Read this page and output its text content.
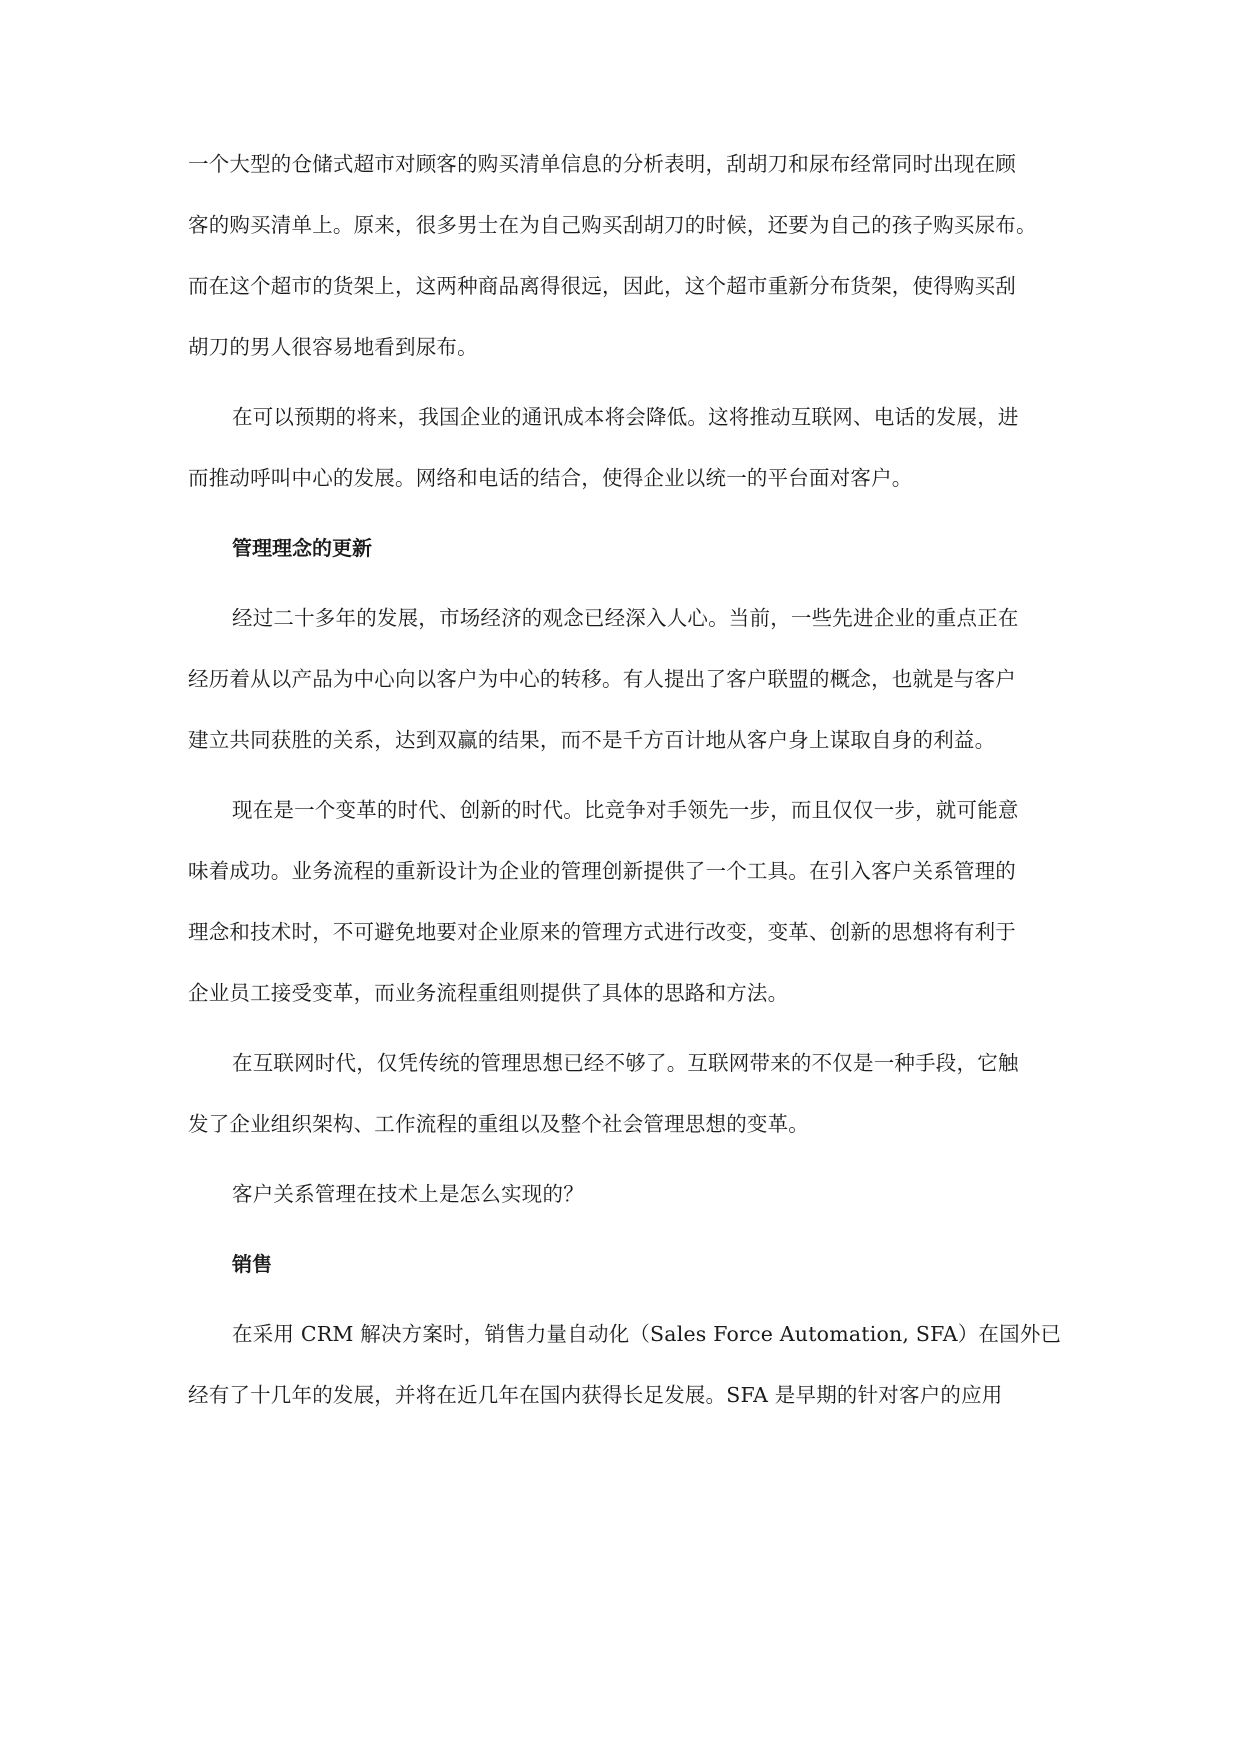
一个大型的仓储式超市对顾客的购买清单信息的分析表明，刮胡刀和尿布经常同时出现在顾
客的购买清单上。原来，很多男士在为自己购买刮胡刀的时候，还要为自己的孩子购买尿布。
而在这个超市的货架上，这两种商品离得很远，因此，这个超市重新分布货架，使得购买刮
胡刀的男人很容易地看到尿布。
在可以预期的将来，我国企业的通讯成本将会降低。这将推动互联网、电话的发展，进
而推动呼叫中心的发展。网络和电话的结合，使得企业以统一的平台面对客户。
管理理念的更新
经过二十多年的发展，市场经济的观念已经深入人心。当前，一些先进企业的重点正在
经历着从以产品为中心向以客户为中心的转移。有人提出了客户联盟的概念，也就是与客户
建立共同获胜的关系，达到双赢的结果，而不是千方百计地从客户身上谋取自身的利益。
现在是一个变革的时代、创新的时代。比竞争对手领先一步，而且仅仅一步，就可能意
味着成功。业务流程的重新设计为企业的管理创新提供了一个工具。在引入客户关系管理的
理念和技术时，不可避免地要对企业原来的管理方式进行改变，变革、创新的思想将有利于
企业员工接受变革，而业务流程重组则提供了具体的思路和方法。
在互联网时代，仅凭传统的管理思想已经不够了。互联网带来的不仅是一种手段，它触
发了企业组织架构、工作流程的重组以及整个社会管理思想的变革。
客户关系管理在技术上是怎么实现的？
销售
在采用 CRM 解决方案时，销售力量自动化（Sales Force Automation, SFA）在国外已
经有了十几年的发展，并将在近几年在国内获得长足发展。SFA 是早期的针对客户的应用
